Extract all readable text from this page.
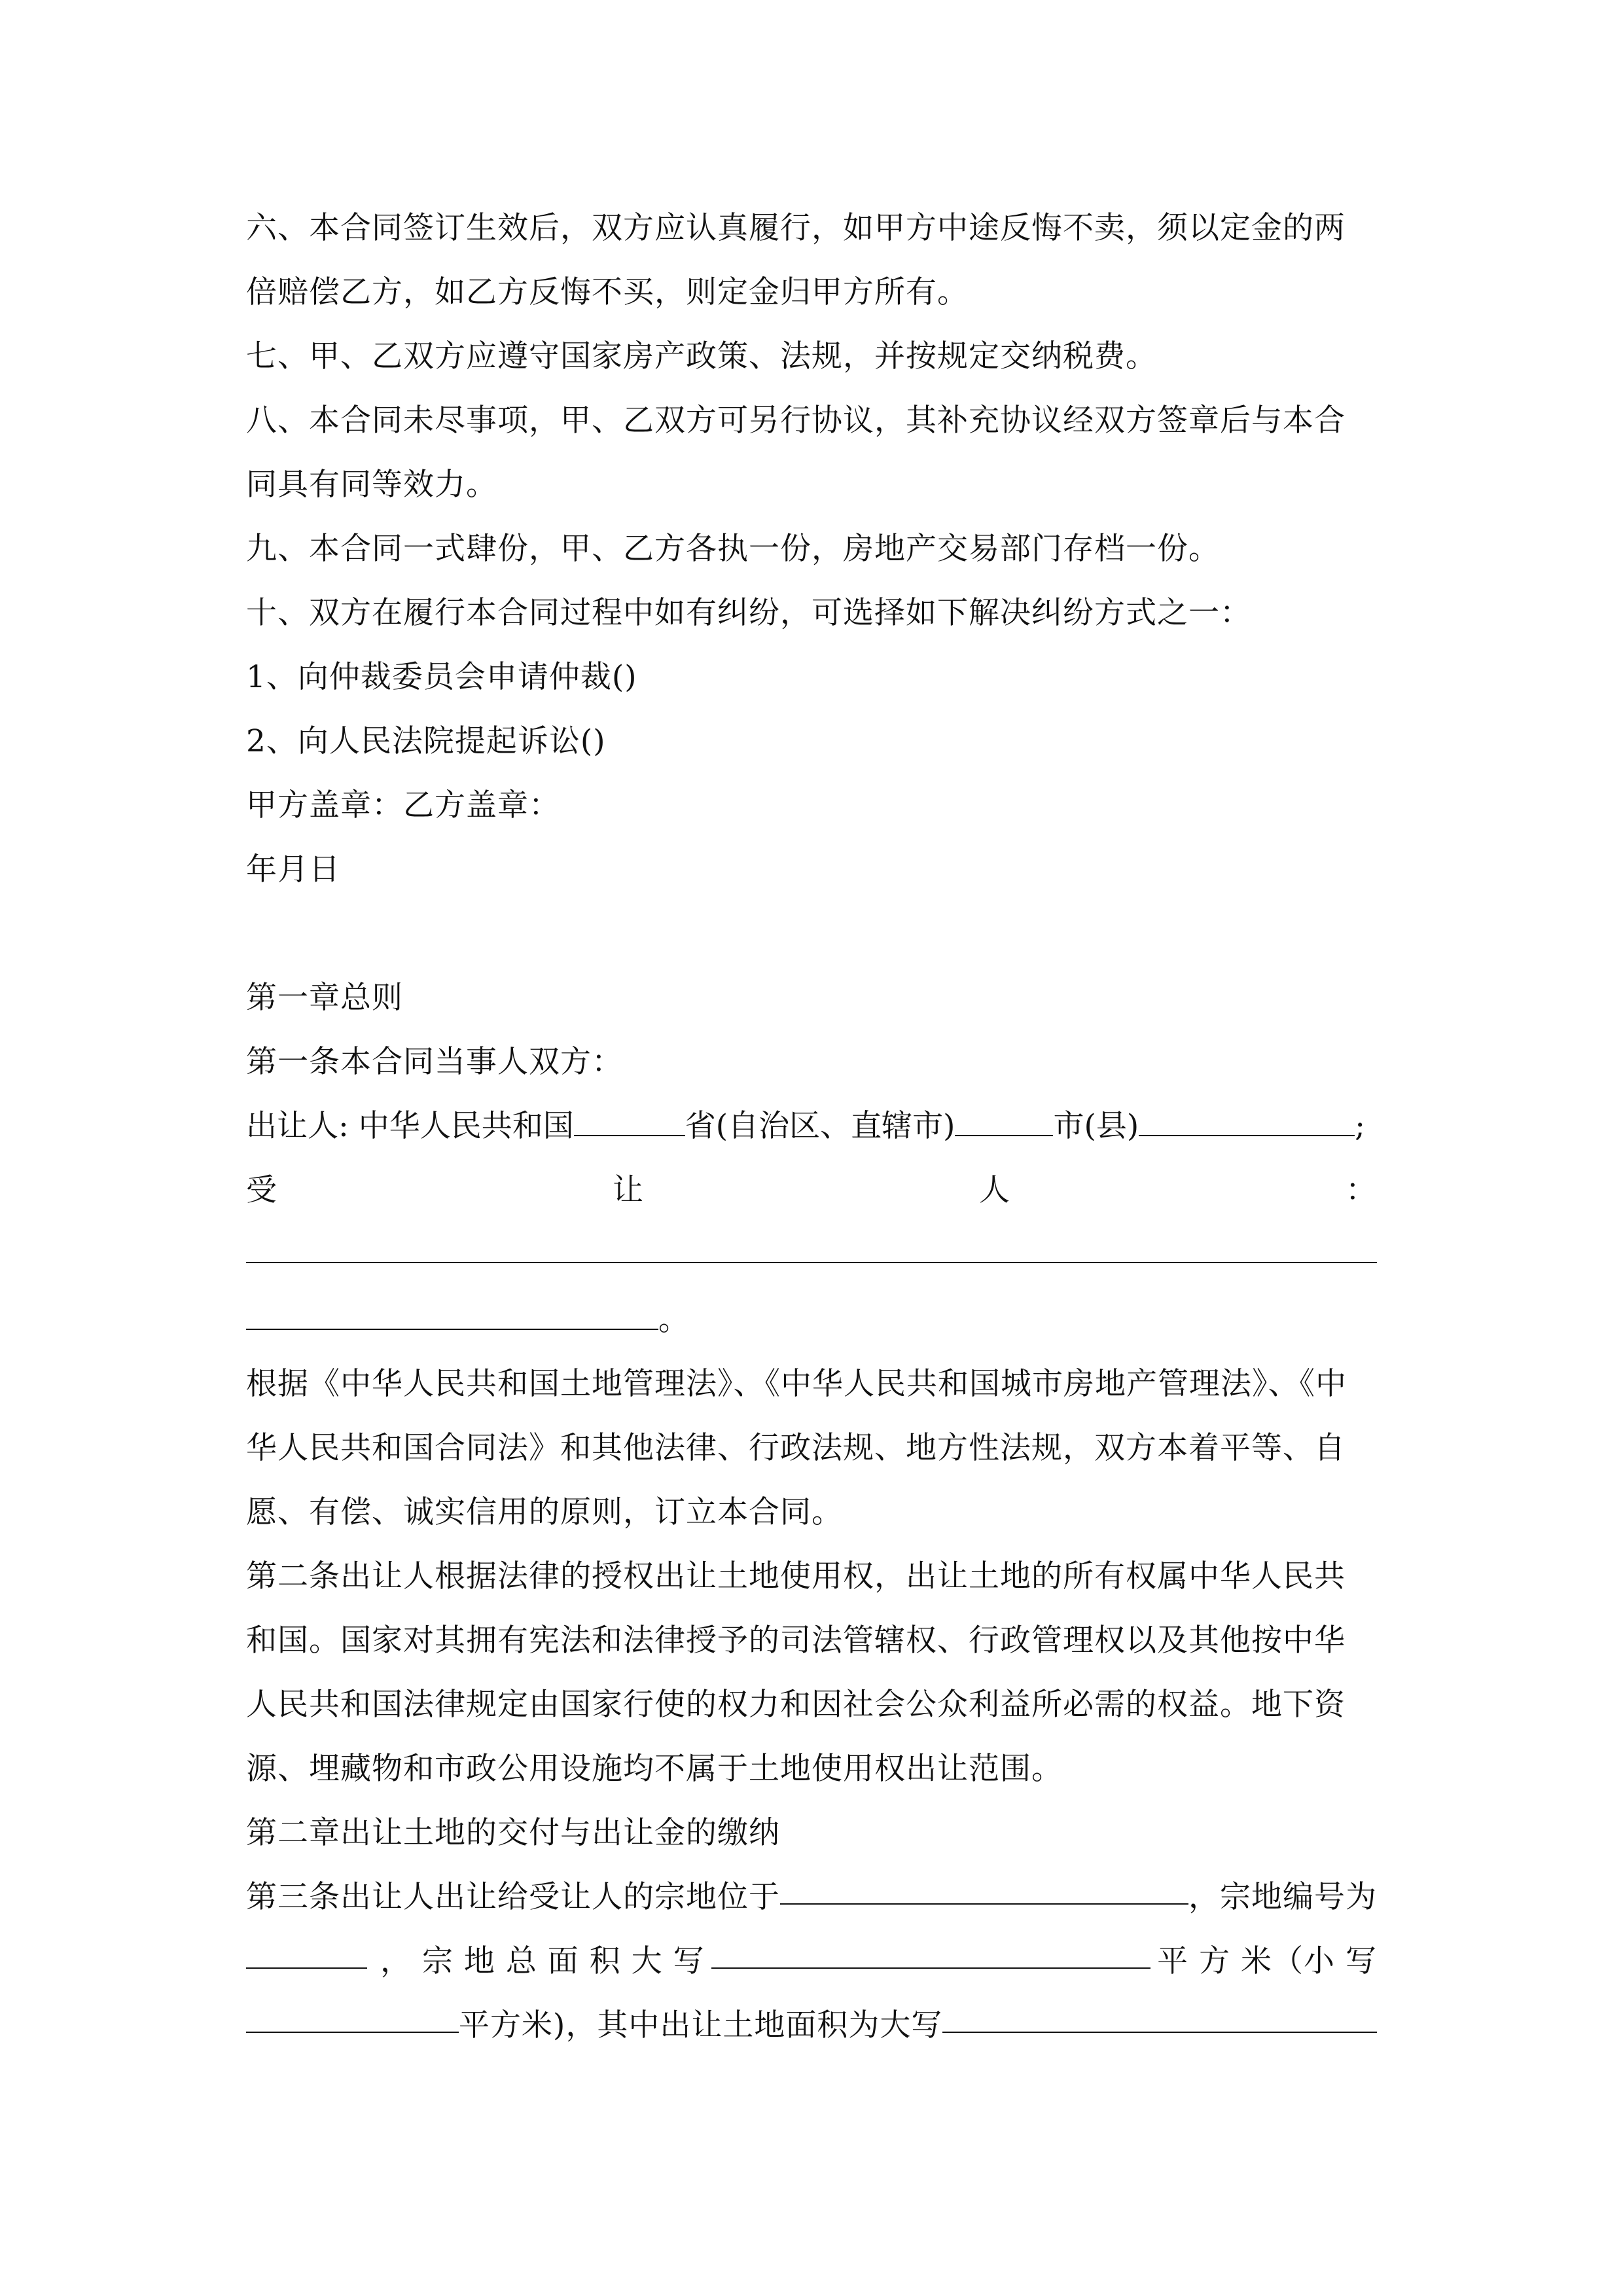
六、本合同签订生效后，双方应认真履行，如甲方中途反悔不卖，须以定金的两
倍赔偿乙方，如乙方反悔不买，则定金归甲方所有。
七、甲、乙双方应遵守国家房产政策、法规，并按规定交纳税费。
八、本合同未尽事项，甲、乙双方可另行协议，其补充协议经双方签章后与本合
同具有同等效力。
九、本合同一式肆份，甲、乙方各执一份，房地产交易部门存档一份。
十、双方在履行本合同过程中如有纠纷，可选择如下解决纠纷方式之一：
1、向仲裁委员会申请仲裁()
2、向人民法院提起诉讼()
甲方盖章：乙方盖章：
年月日
第一章总则
第一条本合同当事人双方：
出让人: 中华人民共和国	省(自治区、直辖市)	市(县)	;
受	让	人	：
。
根据《中华人民共和国土地管理法》、《中华人民共和国城市房地产管理法》、《中
华人民共和国合同法》和其他法律、行政法规、地方性法规，双方本着平等、自
愿、有偿、诚实信用的原则，订立本合同。
第二条出让人根据法律的授权出让土地使用权，出让土地的所有权属中华人民共
和国。国家对其拥有宪法和法律授予的司法管辖权、行政管理权以及其他按中华
人民共和国法律规定由国家行使的权力和因社会公众利益所必需的权益。地下资
源、埋藏物和市政公用设施均不属于土地使用权出让范围。
第二章出让土地的交付与出让金的缴纳
第三条出让人出让给受让人的宗地位于	，宗地编号为
， 宗 地 总 面 积 大 写	平 方 米（小 写
平方米)，其中出让土地面积为大写
